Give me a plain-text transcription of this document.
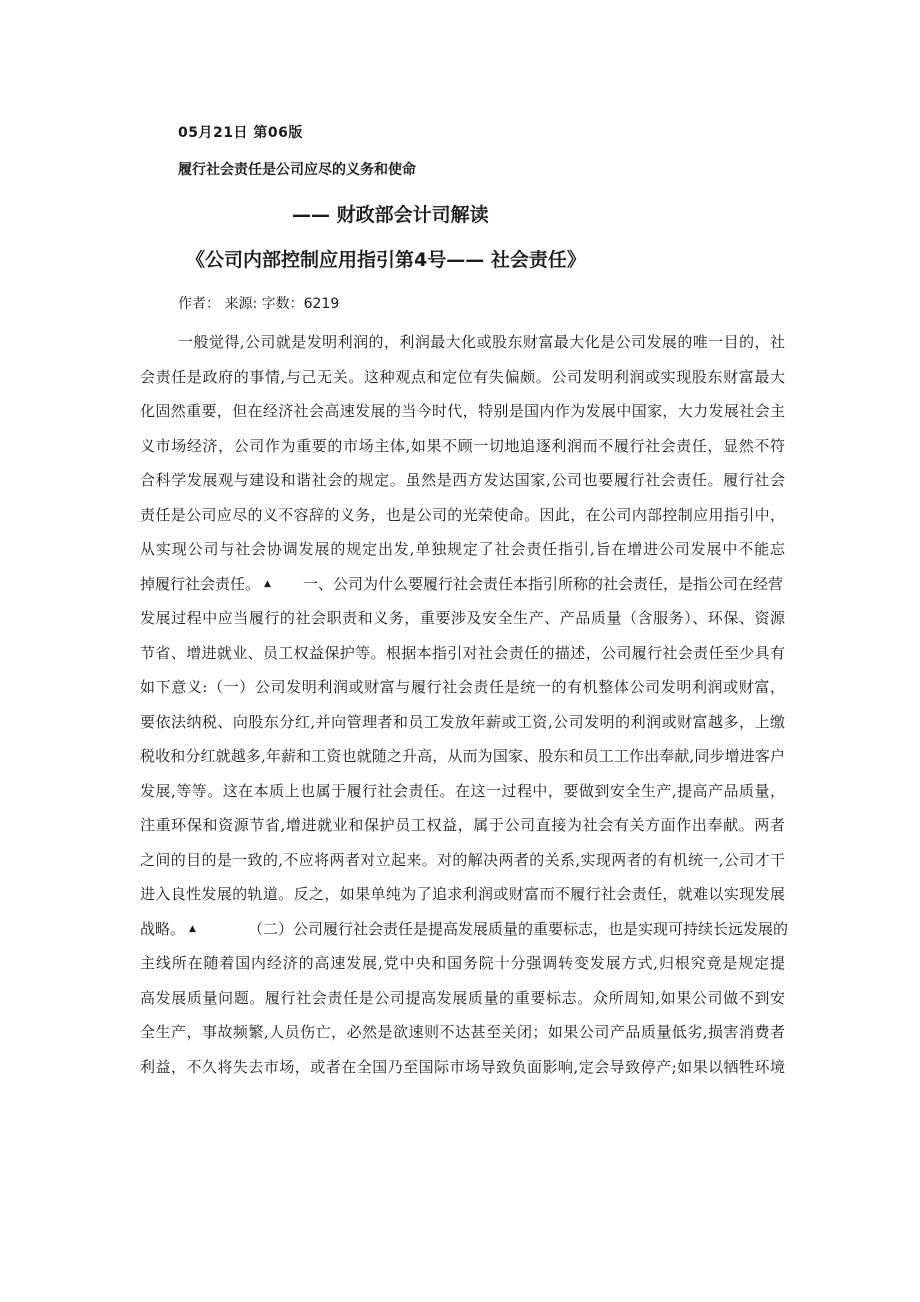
05月21日 第06版
履行社会责任是公司应尽的义务和使命
—— 财政部会计司解读
《公司内部控制应用指引第4号—— 社会责任》
作者： 来源: 字数：6219
一般觉得,公司就是发明利润的，利润最大化或股东财富最大化是公司发展的唯一目的，社
会责任是政府的事情,与己无关。这种观点和定位有失偏颇。公司发明利润或实现股东财富最大
化固然重要，但在经济社会高速发展的当今时代，特别是国内作为发展中国家，大力发展社会主
义市场经济，公司作为重要的市场主体,如果不顾一切地追逐利润而不履行社会责任，显然不符
合科学发展观与建设和谐社会的规定。虽然是西方发达国家,公司也要履行社会责任。履行社会
责任是公司应尽的义不容辞的义务，也是公司的光荣使命。因此，在公司内部控制应用指引中，
从实现公司与社会协调发展的规定出发,单独规定了社会责任指引,旨在增进公司发展中不能忘
掉履行社会责任。 ▲ 一、公司为什么要履行社会责任本指引所称的社会责任，是指公司在经营
发展过程中应当履行的社会职责和义务，重要涉及安全生产、产品质量（含服务）、环保、资源
节省、增进就业、员工权益保护等。根据本指引对社会责任的描述，公司履行社会责任至少具有
如下意义:（一）公司发明利润或财富与履行社会责任是统一的有机整体公司发明利润或财富，
要依法纳税、向股东分红,并向管理者和员工发放年薪或工资,公司发明的利润或财富越多，上缴
税收和分红就越多,年薪和工资也就随之升高，从而为国家、股东和员工工作出奉献,同步增进客户
发展,等等。这在本质上也属于履行社会责任。在这一过程中，要做到安全生产,提高产品质量，
注重环保和资源节省,增进就业和保护员工权益，属于公司直接为社会有关方面作出奉献。两者
之间的目的是一致的,不应将两者对立起来。对的解决两者的关系,实现两者的有机统一,公司才干
进入良性发展的轨道。反之，如果单纯为了追求利润或财富而不履行社会责任，就难以实现发展
战略。 ▲	（二）公司履行社会责任是提高发展质量的重要标志，也是实现可持续长远发展的
主线所在随着国内经济的高速发展,党中央和国务院十分强调转变发展方式,归根究竟是规定提
高发展质量问题。履行社会责任是公司提高发展质量的重要标志。众所周知,如果公司做不到安
全生产，事故频繁,人员伤亡，必然是欲速则不达甚至关闭；如果公司产品质量低劣,损害消费者
利益，不久将失去市场，或者在全国乃至国际市场导致负面影响,定会导致停产;如果以牺牲环境
